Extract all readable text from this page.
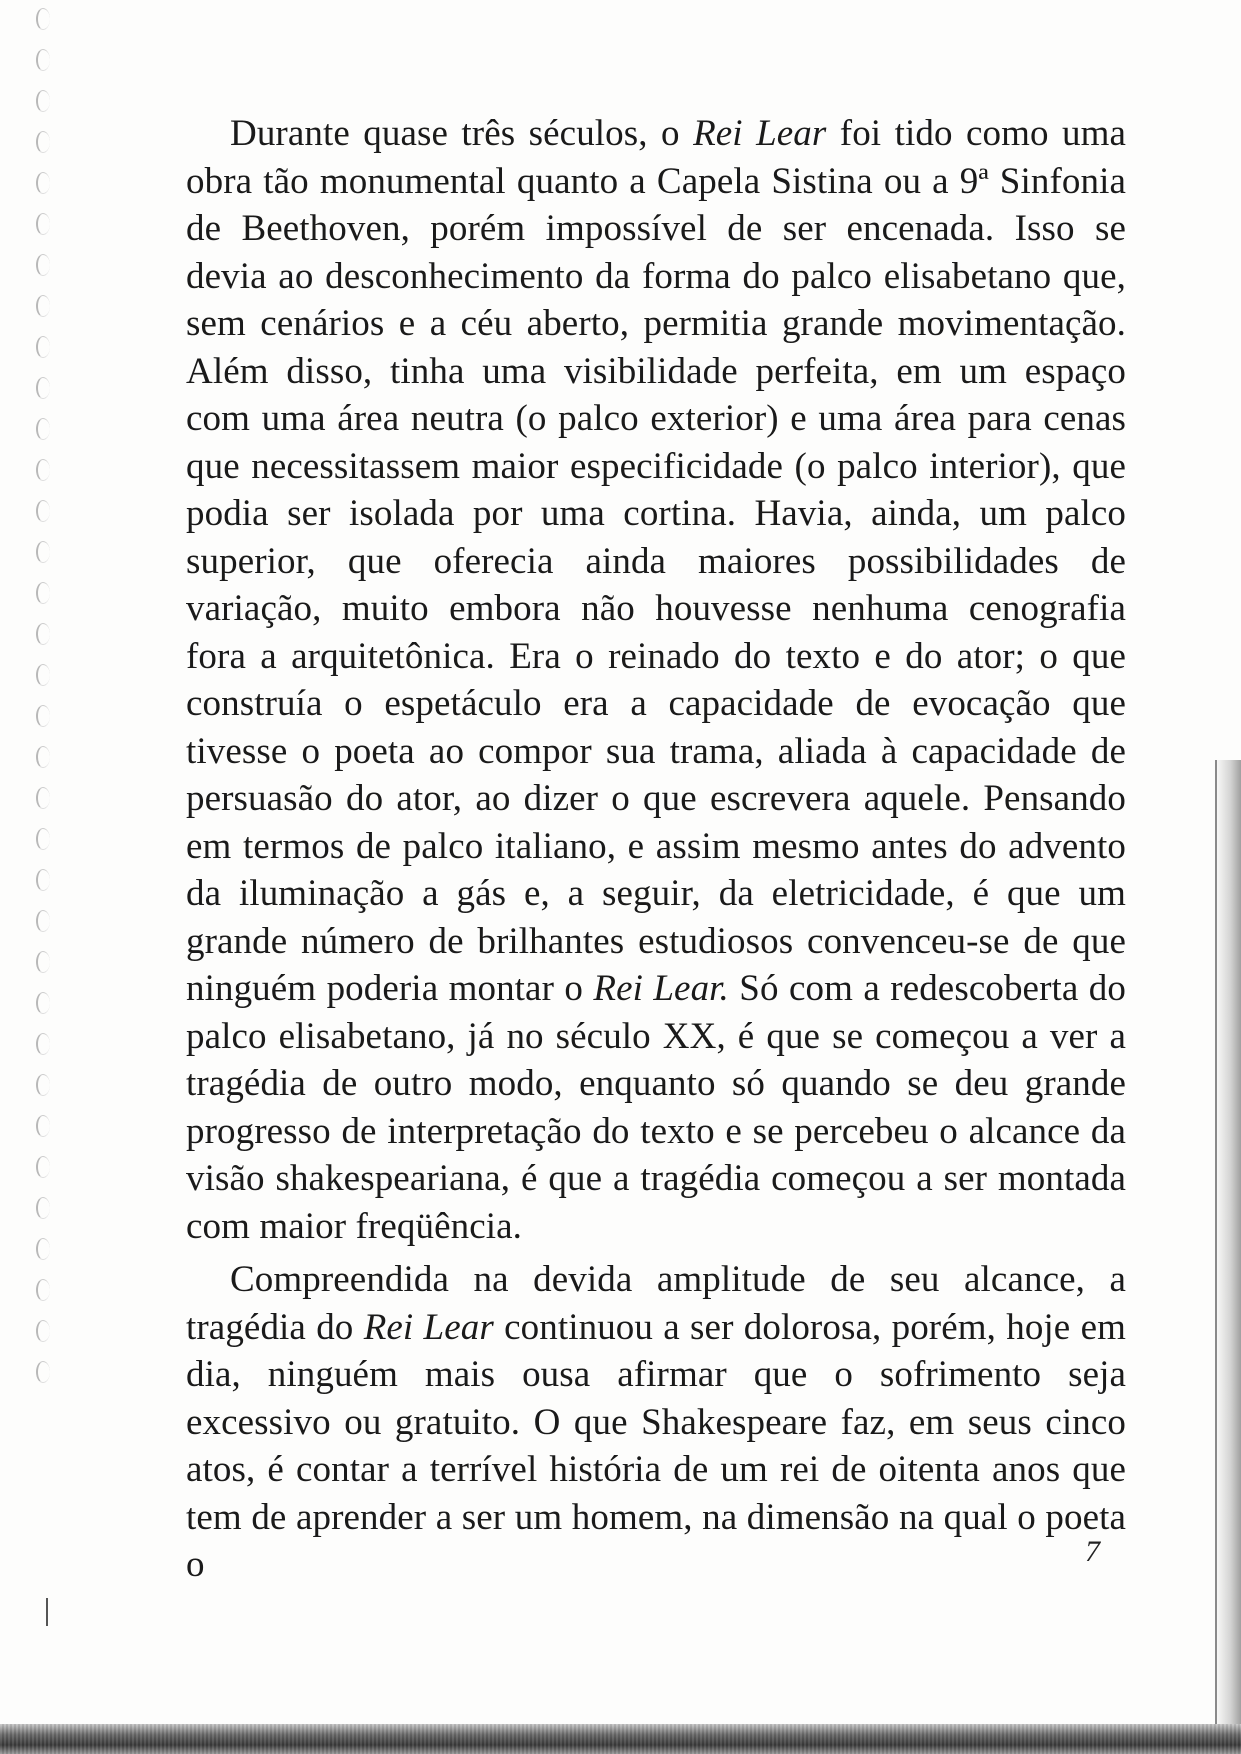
Durante quase três séculos, o Rei Lear foi tido como uma obra tão monumental quanto a Capela Sistina ou a 9ª Sinfonia de Beethoven, porém impossível de ser encenada. Isso se devia ao desconhecimento da forma do palco elisabetano que, sem cenários e a céu aberto, permitia grande movimentação. Além disso, tinha uma visibilidade perfeita, em um espaço com uma área neutra (o palco exterior) e uma área para cenas que necessitassem maior especificidade (o palco interior), que podia ser isolada por uma cortina. Havia, ainda, um palco superior, que oferecia ainda maiores possibilidades de variação, muito embora não houvesse nenhuma cenografia fora a arquitetônica. Era o reinado do texto e do ator; o que construía o espetáculo era a capacidade de evocação que tivesse o poeta ao compor sua trama, aliada à capacidade de persuasão do ator, ao dizer o que escrevera aquele. Pensando em termos de palco italiano, e assim mesmo antes do advento da iluminação a gás e, a seguir, da eletricidade, é que um grande número de brilhantes estudiosos convenceu-se de que ninguém poderia montar o Rei Lear. Só com a redescoberta do palco elisabetano, já no século XX, é que se começou a ver a tragédia de outro modo, enquanto só quando se deu grande progresso de interpretação do texto e se percebeu o alcance da visão shakespeariana, é que a tragédia começou a ser montada com maior freqüência.

Compreendida na devida amplitude de seu alcance, a tragédia do Rei Lear continuou a ser dolorosa, porém, hoje em dia, ninguém mais ousa afirmar que o sofrimento seja excessivo ou gratuito. O que Shakespeare faz, em seus cinco atos, é contar a terrível história de um rei de oitenta anos que tem de aprender a ser um homem, na dimensão na qual o poeta o	7
